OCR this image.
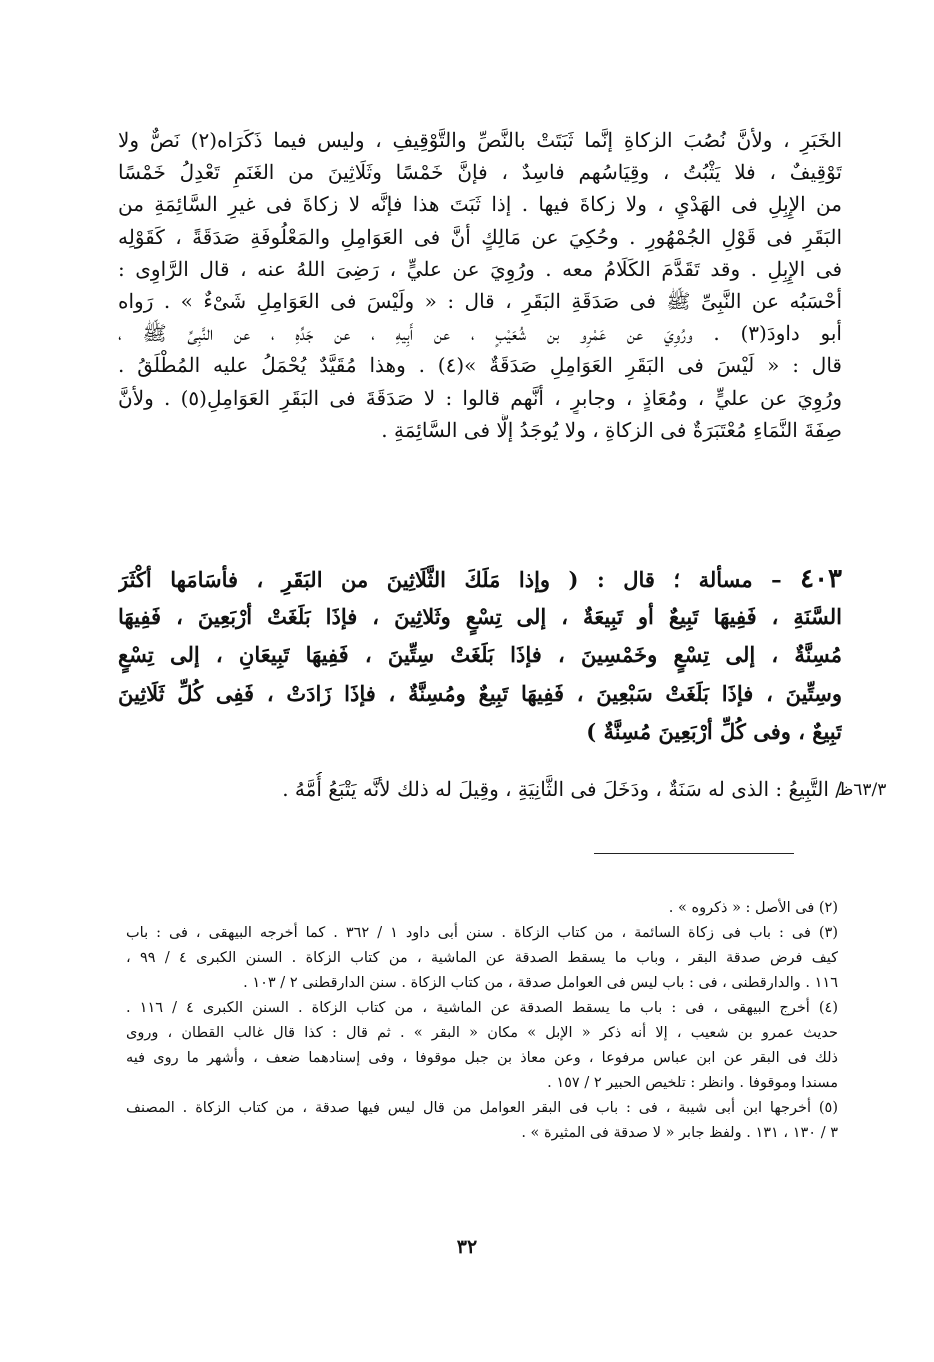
الخَبَرِ ، ولأنَّ نُصُبَ الزكاةِ إنَّما ثَبَتَتْ بالنَّصِّ والتَّوْقِيفِ ، وليس فيما ذَكَرَاه(٢) نَصٌّ ولا
تَوْقِيفٌ ، فلا يَثْبُتُ ، وقِيَاسُهم فاسِدٌ ، فإنَّ خَمْسًا وثَلَاثِينَ من الغَنَمِ تَعْدِلُ خَمْسًا
من الإِبِلِ فى الهَدْيِ ، ولا زكاةَ فيها . إذا ثَبَتَ هذا فإنَّه لا زكاةَ فى غيرِ السَّائِمَةِ من
البَقَرِ فى قَوْلِ الجُمْهُورِ . وحُكِيَ عن مَالِكٍ أنَّ فى العَوَامِلِ والمَعْلُوفَةِ صَدَقَةً ، كَقَوْلِه
فى الإِبِلِ . وقد تَقَدَّمَ الكَلَامُ معه . ورُوِيَ عن عليٍّ ، رَضِىَ اللهُ عنه ، قال الرَّاوِى :
أحْسَبُه عن النَّبِىِّ ﷺ فى صَدَقَةِ البَقَرِ ، قال : « ولَيْسَ فى العَوَامِلِ شَىْءٌ » . رَواه
أبو داودَ(٣) . ورُوِيَ عن عَمْرِو بن شُعَيْبٍ ، عن أَبِيهِ ، عن جَدِّهِ ، عن النَّبِىِّ ﷺ ،
قال : « لَيْسَ فى البَقَرِ العَوَامِلِ صَدَقَةٌ »(٤) . وهذا مُقَيَّدٌ يُحْمَلُ عليه المُطْلَقُ .
ورُوِيَ عن عليٍّ ، ومُعَاذٍ ، وجابرٍ ، أنَّهم قالوا : لا صَدَقَةَ فى البَقَرِ العَوَامِلِ(٥) . ولأنَّ
صِفَةَ النَّمَاءِ مُعْتَبَرَةٌ فى الزكاةِ ، ولا يُوجَدُ إلَّا فى السَّائِمَةِ .
٤٠٣ – مسألة ؛ قال : ( وإذا مَلَكَ الثَّلَاثِينَ من البَقَرِ ، فأسَامَها أكْثَرَ
السَّنَةِ ، فَفِيهَا تَبِيعٌ أو تَبِيعَةٌ ، إلى تِسْعٍ وثَلاثِينَ ، فإذَا بَلَغَتْ أرْبَعِينَ ، فَفِيهَا
مُسِنَّةٌ ، إلى تِسْعٍ وخَمْسِينَ ، فإذَا بَلَغَتْ سِتِّينَ ، فَفِيهَا تَبِيعَانِ ، إلى تِسْعٍ
وسِتِّينَ ، فإذَا بَلَغَتْ سَبْعِينَ ، فَفِيهَا تَبِيعٌ ومُسِنَّةٌ ، فإذَا زَادَتْ ، فَفِى كُلِّ ثَلَاثِينَ
تَبِيعٌ ، وفى كُلِّ أرْبَعِينَ مُسِنَّةٌ )
/ التَّبِيعُ : الذى له سَنَةٌ ، ودَخَلَ فى الثَّانِيَةِ ، وقِيلَ له ذلك لأنَّه يَتْبَعُ أُمَّهُ .
٦٣/٣ظ
(٢) فى الأصل : « ذكروه » .
(٣) فى : باب فى زكاة السائمة ، من كتاب الزكاة . سنن أبى داود ١ / ٣٦٢ . كما أخرجه البيهقى ، فى : باب
كيف فرض صدقة البقر ، وباب ما يسقط الصدقة عن الماشية ، من كتاب الزكاة . السنن الكبرى ٤ / ٩٩ ،
١١٦ . والدارقطنى ، فى : باب ليس فى العوامل صدقة ، من كتاب الزكاة . سنن الدارقطنى ٢ / ١٠٣ .
(٤) أخرج البيهقى ، فى : باب ما يسقط الصدقة عن الماشية ، من كتاب الزكاة . السنن الكبرى ٤ / ١١٦ .
حديث عمرو بن شعيب ، إلا أنه ذكر « الإبل » مكان « البقر » . ثم قال : كذا قال غالب القطان ، وروى
ذلك فى البقر عن ابن عباس مرفوعا ، وعن معاذ بن جبل موقوفا ، وفى إسنادهما ضعف ، وأشهر ما روى فيه
مسندا وموقوفا . وانظر : تلخيص الحبير ٢ / ١٥٧ .
(٥) أخرجها ابن أبى شيبة ، فى : باب فى البقر العوامل من قال ليس فيها صدقة ، من كتاب الزكاة . المصنف
٣ / ١٣٠ ، ١٣١ . ولفظ جابر « لا صدقة فى المثيرة » .
٣٢
